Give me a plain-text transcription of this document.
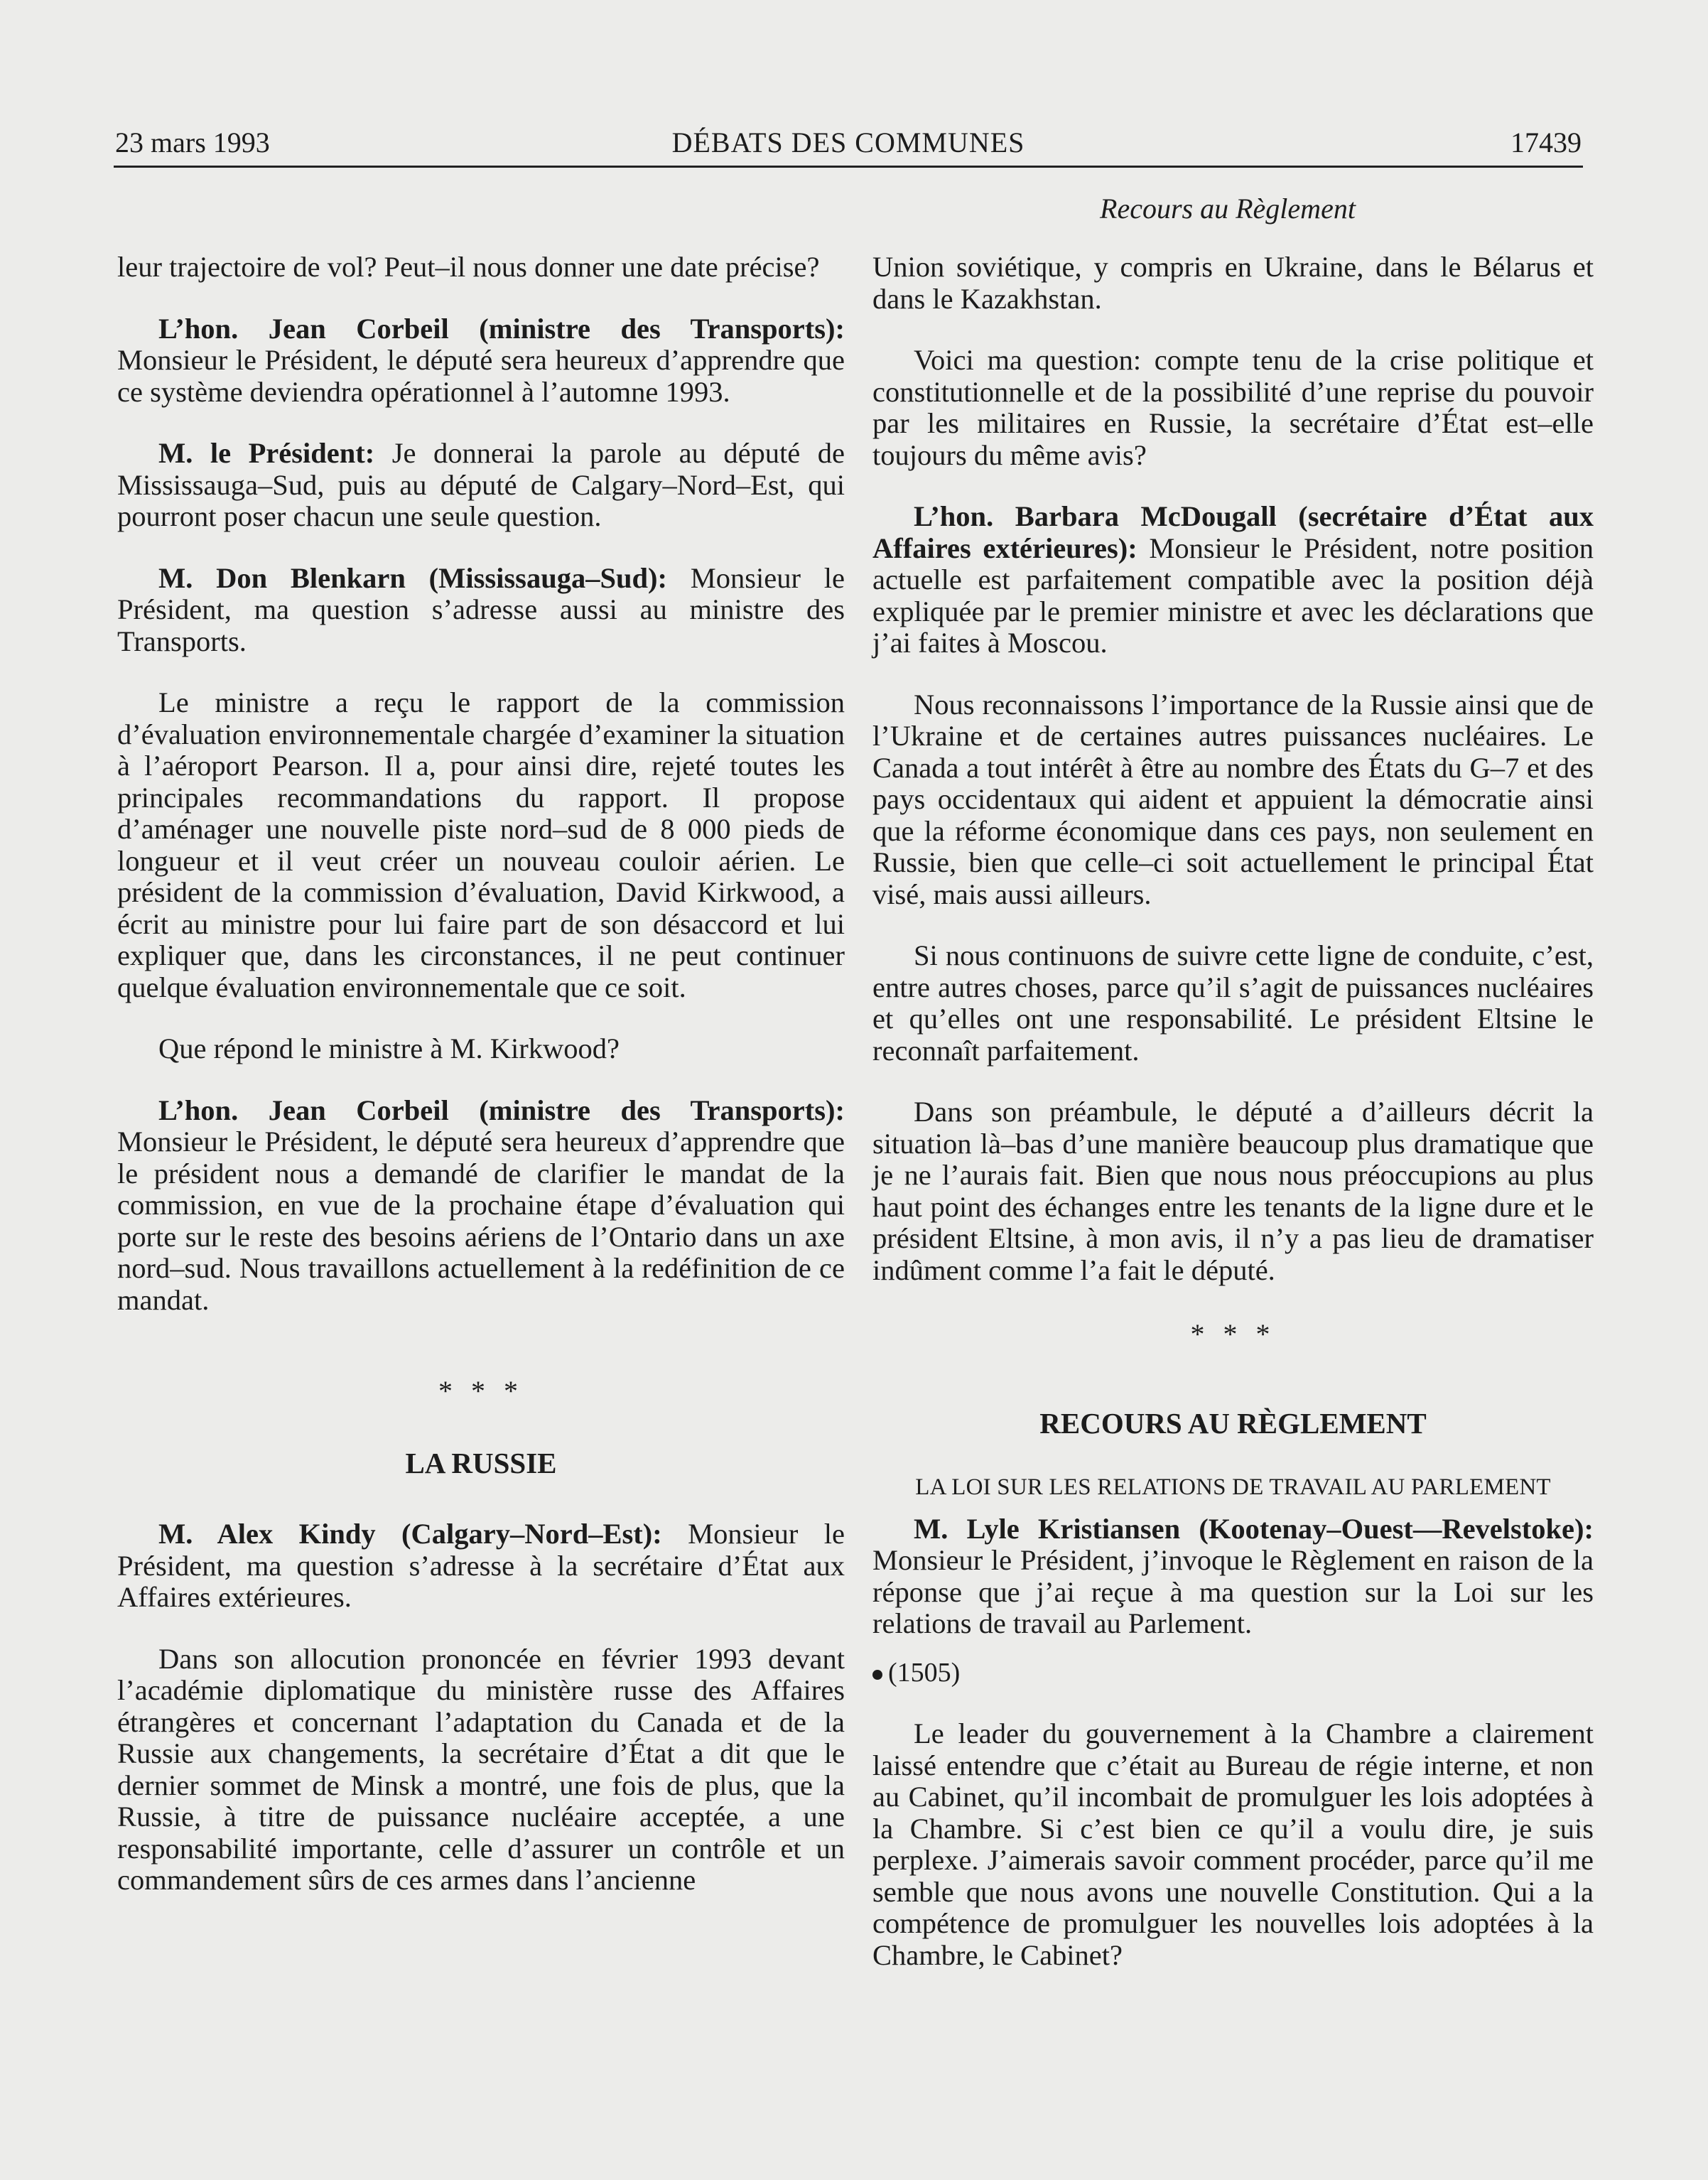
23 mars 1993	DÉBATS DES COMMUNES	17439
Recours au Règlement

leur trajectoire de vol? Peut–il nous donner une date précise?

L’hon. Jean Corbeil (ministre des Transports): Monsieur le Président, le député sera heureux d’apprendre que ce système deviendra opérationnel à l’automne 1993.

M. le Président: Je donnerai la parole au député de Mississauga–Sud, puis au député de Calgary–Nord–Est, qui pourront poser chacun une seule question.

M. Don Blenkarn (Mississauga–Sud): Monsieur le Président, ma question s’adresse aussi au ministre des Transports.

Le ministre a reçu le rapport de la commission d’évaluation environnementale chargée d’examiner la situation à l’aéroport Pearson. Il a, pour ainsi dire, rejeté toutes les principales recommandations du rapport. Il propose d’aménager une nouvelle piste nord–sud de 8 000 pieds de longueur et il veut créer un nouveau couloir aérien. Le président de la commission d’évaluation, David Kirkwood, a écrit au ministre pour lui faire part de son désaccord et lui expliquer que, dans les circonstances, il ne peut continuer quelque évaluation environnementale que ce soit.

Que répond le ministre à M. Kirkwood?

L’hon. Jean Corbeil (ministre des Transports): Monsieur le Président, le député sera heureux d’apprendre que le président nous a demandé de clarifier le mandat de la commission, en vue de la prochaine étape d’évaluation qui porte sur le reste des besoins aériens de l’Ontario dans un axe nord–sud. Nous travaillons actuellement à la redéfinition de ce mandat.

* * *

LA RUSSIE

M. Alex Kindy (Calgary–Nord–Est): Monsieur le Président, ma question s’adresse à la secrétaire d’État aux Affaires extérieures.

Dans son allocution prononcée en février 1993 devant l’académie diplomatique du ministère russe des Affaires étrangères et concernant l’adaptation du Canada et de la Russie aux changements, la secrétaire d’État a dit que le dernier sommet de Minsk a montré, une fois de plus, que la Russie, à titre de puissance nucléaire acceptée, a une responsabilité importante, celle d’assurer un contrôle et un commandement sûrs de ces armes dans l’ancienne

Union soviétique, y compris en Ukraine, dans le Bélarus et dans le Kazakhstan.

Voici ma question: compte tenu de la crise politique et constitutionnelle et de la possibilité d’une reprise du pouvoir par les militaires en Russie, la secrétaire d’État est–elle toujours du même avis?

L’hon. Barbara McDougall (secrétaire d’État aux Affaires extérieures): Monsieur le Président, notre position actuelle est parfaitement compatible avec la position déjà expliquée par le premier ministre et avec les déclarations que j’ai faites à Moscou.

Nous reconnaissons l’importance de la Russie ainsi que de l’Ukraine et de certaines autres puissances nucléaires. Le Canada a tout intérêt à être au nombre des États du G–7 et des pays occidentaux qui aident et appuient la démocratie ainsi que la réforme économique dans ces pays, non seulement en Russie, bien que celle–ci soit actuellement le principal État visé, mais aussi ailleurs.

Si nous continuons de suivre cette ligne de conduite, c’est, entre autres choses, parce qu’il s’agit de puissances nucléaires et qu’elles ont une responsabilité. Le président Eltsine le reconnaît parfaitement.

Dans son préambule, le député a d’ailleurs décrit la situation là–bas d’une manière beaucoup plus dramatique que je ne l’aurais fait. Bien que nous nous préoccupions au plus haut point des échanges entre les tenants de la ligne dure et le président Eltsine, à mon avis, il n’y a pas lieu de dramatiser indûment comme l’a fait le député.

* * *

RECOURS AU RÈGLEMENT

LA LOI SUR LES RELATIONS DE TRAVAIL AU PARLEMENT

M. Lyle Kristiansen (Kootenay–Ouest—Revelstoke): Monsieur le Président, j’invoque le Règlement en raison de la réponse que j’ai reçue à ma question sur la Loi sur les relations de travail au Parlement.

(1505)

Le leader du gouvernement à la Chambre a clairement laissé entendre que c’était au Bureau de régie interne, et non au Cabinet, qu’il incombait de promulguer les lois adoptées à la Chambre. Si c’est bien ce qu’il a voulu dire, je suis perplexe. J’aimerais savoir comment procéder, parce qu’il me semble que nous avons une nouvelle Constitution. Qui a la compétence de promulguer les nouvelles lois adoptées à la Chambre, le Cabinet?
